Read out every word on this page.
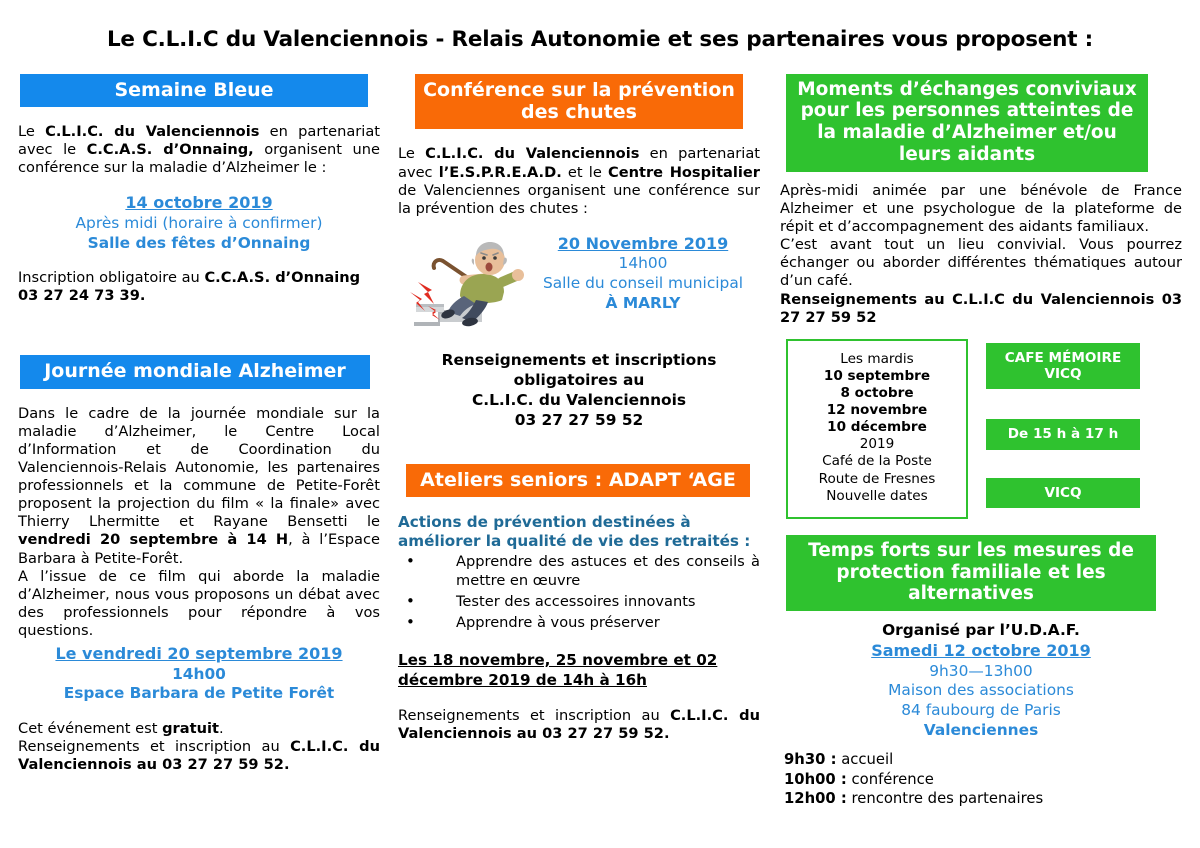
Le C.L.I.C du Valenciennois - Relais Autonomie et ses partenaires vous proposent :
Semaine Bleue

Le C.L.I.C. du Valenciennois en partenariat avec le C.C.A.S. d’Onnaing, organisent une conférence sur la maladie d’Alzheimer le :

14 octobre 2019
Après midi (horaire à confirmer)
Salle des fêtes d’Onnaing

Inscription obligatoire au C.C.A.S. d’Onnaing 03 27 24 73 39.

Journée mondiale Alzheimer

Dans le cadre de la journée mondiale sur la maladie d’Alzheimer, le Centre Local d’Information et de Coordination du Valenciennois-Relais Autonomie, les partenaires professionnels et la commune de Petite-Forêt proposent la projection du film « la finale» avec Thierry Lhermitte et Rayane Bensetti le vendredi 20 septembre à 14 H, à l’Espace Barbara à Petite-Forêt.

A l’issue de ce film qui aborde la maladie d’Alzheimer, nous vous proposons un débat avec des professionnels pour répondre à vos questions.

Le vendredi 20 septembre 2019
14h00
Espace Barbara de Petite Forêt

Cet événement est gratuit.

Renseignements et inscription au C.L.I.C. du Valenciennois au 03 27 27 59 52.

Conférence sur la prévention des chutes

Le C.L.I.C. du Valenciennois en partenariat avec l’E.S.P.R.E.A.D. et le Centre Hospitalier de Valenciennes organisent une conférence sur la prévention des chutes :

20 Novembre 2019
14h00
Salle du conseil municipal
À MARLY
Renseignements et inscriptions
obligatoires au
C.L.I.C. du Valenciennois
03 27 27 59 52
Ateliers seniors : ADAPT ‘AGE

Actions de prévention destinées à améliorer la qualité de vie des retraités :

• Apprendre des astuces et des conseils à mettre en œuvre
• Tester des accessoires innovants
• Apprendre à vous préserver
Les 18 novembre, 25 novembre et 02 décembre 2019 de 14h à 16h

Renseignements et inscription au C.L.I.C. du Valenciennois au 03 27 27 59 52.

Moments d’échanges conviviaux pour les personnes atteintes de la maladie d’Alzheimer et/ou leurs aidants

Après-midi animée par une bénévole de France Alzheimer et une psychologue de la plateforme de répit et d’accompagnement des aidants familiaux.

C’est avant tout un lieu convivial. Vous pourrez échanger ou aborder différentes thématiques autour d’un café.

Renseignements au C.L.I.C du Valenciennois 03 27 27 59 52

Les mardis
10 septembre
8 octobre
12 novembre
10 décembre
2019
Café de la Poste
Route de Fresnes
Nouvelle dates
CAFE MÉMOIRE VICQ
De 15 h à 17 h
VICQ
Temps forts sur les mesures de protection familiale et les alternatives
Organisé par l’U.D.A.F.
Samedi 12 octobre 2019
9h30—13h00
Maison des associations
84 faubourg de Paris
Valenciennes
9h30 : accueil
10h00 : conférence
12h00 : rencontre des partenaires
